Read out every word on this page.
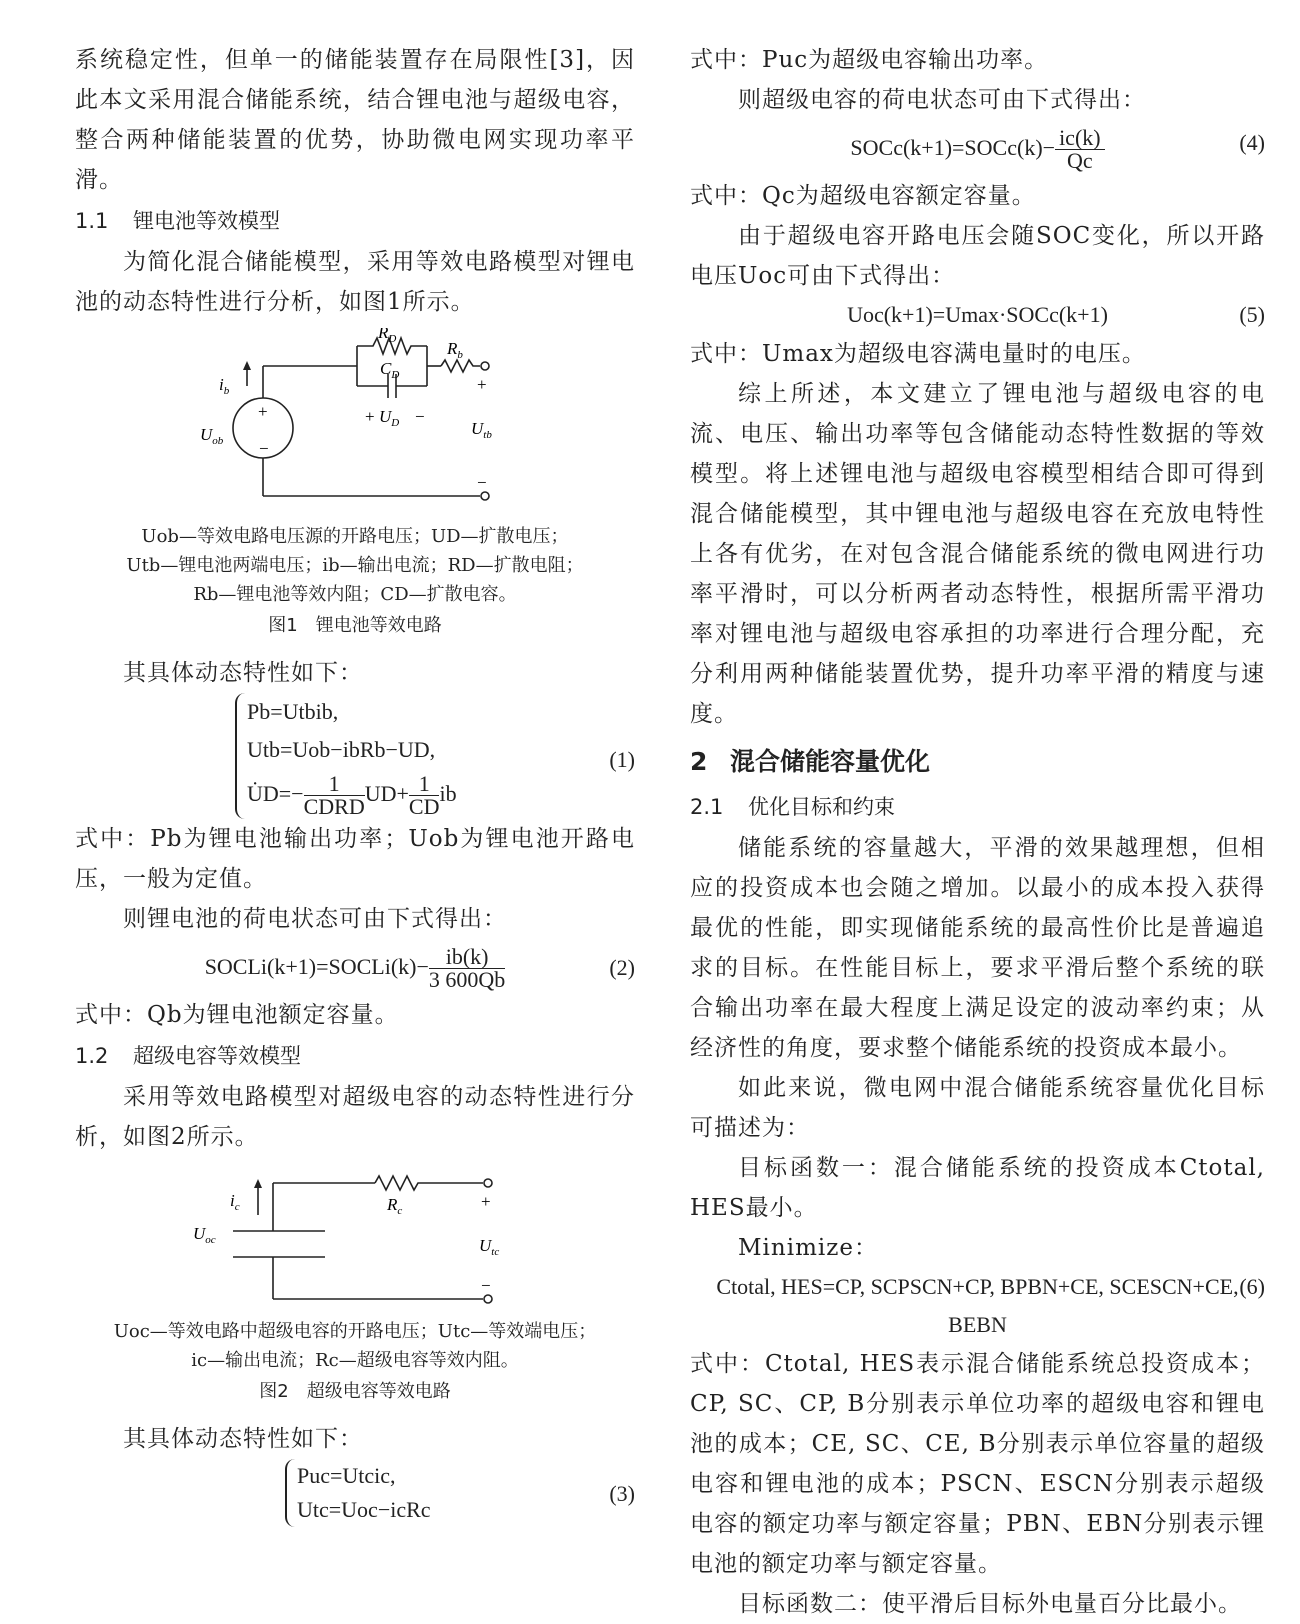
系统稳定性，但单一的储能装置存在局限性[3]，因此本文采用混合储能系统，结合锂电池与超级电容，整合两种储能装置的优势，协助微电网实现功率平滑。

1.1 锂电池等效模型

为简化混合储能模型，采用等效电路模型对锂电池的动态特性进行分析，如图1所示。

$R_D$
$C_D$
$R_b$
$i_b$
+
−
$U_{ob}$
+ $U_D$ −
+
$U_{tb}$
−
Uob—等效电路电压源的开路电压；UD—扩散电压；
Utb—锂电池两端电压；ib—输出电流；RD—扩散电阻；
Rb—锂电池等效内阻；CD—扩散电容。
图1　锂电池等效电路

其具体动态特性如下：

Pb=Utbib,
Utb=Uob−ibRb−UD,
U̇D=− $\frac{1}{\text{CDRD}} UD+ \frac{1}{CD}$ ib
(1)

式中：Pb为锂电池输出功率；Uob为锂电池开路电压，一般为定值。

则锂电池的荷电状态可由下式得出：

SOCLi(k+1)=SOCLi(k)− $\frac{ib(k)}{3 600Qb}$	(2)

式中：Qb为锂电池额定容量。

1.2 超级电容等效模型

采用等效电路模型对超级电容的动态特性进行分析，如图2所示。

$i_c$	$R_c$
$U_{oc}$
+
$U_{tc}$
−
Uoc—等效电路中超级电容的开路电压；Utc—等效端电压；
ic—输出电流；Rc—超级电容等效内阻。
图2　超级电容等效电路

其具体动态特性如下：

Puc=Utcic,
Utc=Uoc−icRc
(3)

式中：Puc为超级电容输出功率。

则超级电容的荷电状态可由下式得出：

SOCc(k+1)=SOCc(k)− $\frac{ic(k)}{Qc}$	(4)

式中：Qc为超级电容额定容量。

由于超级电容开路电压会随SOC变化，所以开路电压Uoc可由下式得出：

Uoc(k+1)=Umax·SOCc(k+1)	(5)

式中：Umax为超级电容满电量时的电压。

综上所述，本文建立了锂电池与超级电容的电流、电压、输出功率等包含储能动态特性数据的等效模型。将上述锂电池与超级电容模型相结合即可得到混合储能模型，其中锂电池与超级电容在充放电特性上各有优劣，在对包含混合储能系统的微电网进行功率平滑时，可以分析两者动态特性，根据所需平滑功率对锂电池与超级电容承担的功率进行合理分配，充分利用两种储能装置优势，提升功率平滑的精度与速度。

2 混合储能容量优化
2.1 优化目标和约束

储能系统的容量越大，平滑的效果越理想，但相应的投资成本也会随之增加。以最小的成本投入获得最优的性能，即实现储能系统的最高性价比是普遍追求的目标。在性能目标上，要求平滑后整个系统的联合输出功率在最大程度上满足设定的波动率约束；从经济性的角度，要求整个储能系统的投资成本最小。

如此来说，微电网中混合储能系统容量优化目标可描述为：

目标函数一：混合储能系统的投资成本Ctotal, HES最小。

Minimize：

Ctotal, HES=CP, SCPSCN+CP, BPBN+CE, SCESCN+CE, BEBN
(6)

式中：Ctotal, HES表示混合储能系统总投资成本；CP, SC、CP, B分别表示单位功率的超级电容和锂电池的成本；CE, SC、CE, B分别表示单位容量的超级电容和锂电池的成本；PSCN、ESCN分别表示超级电容的额定功率与额定容量；PBN、EBN分别表示锂电池的额定功率与额定容量。

目标函数二：使平滑后目标外电量百分比最小。
